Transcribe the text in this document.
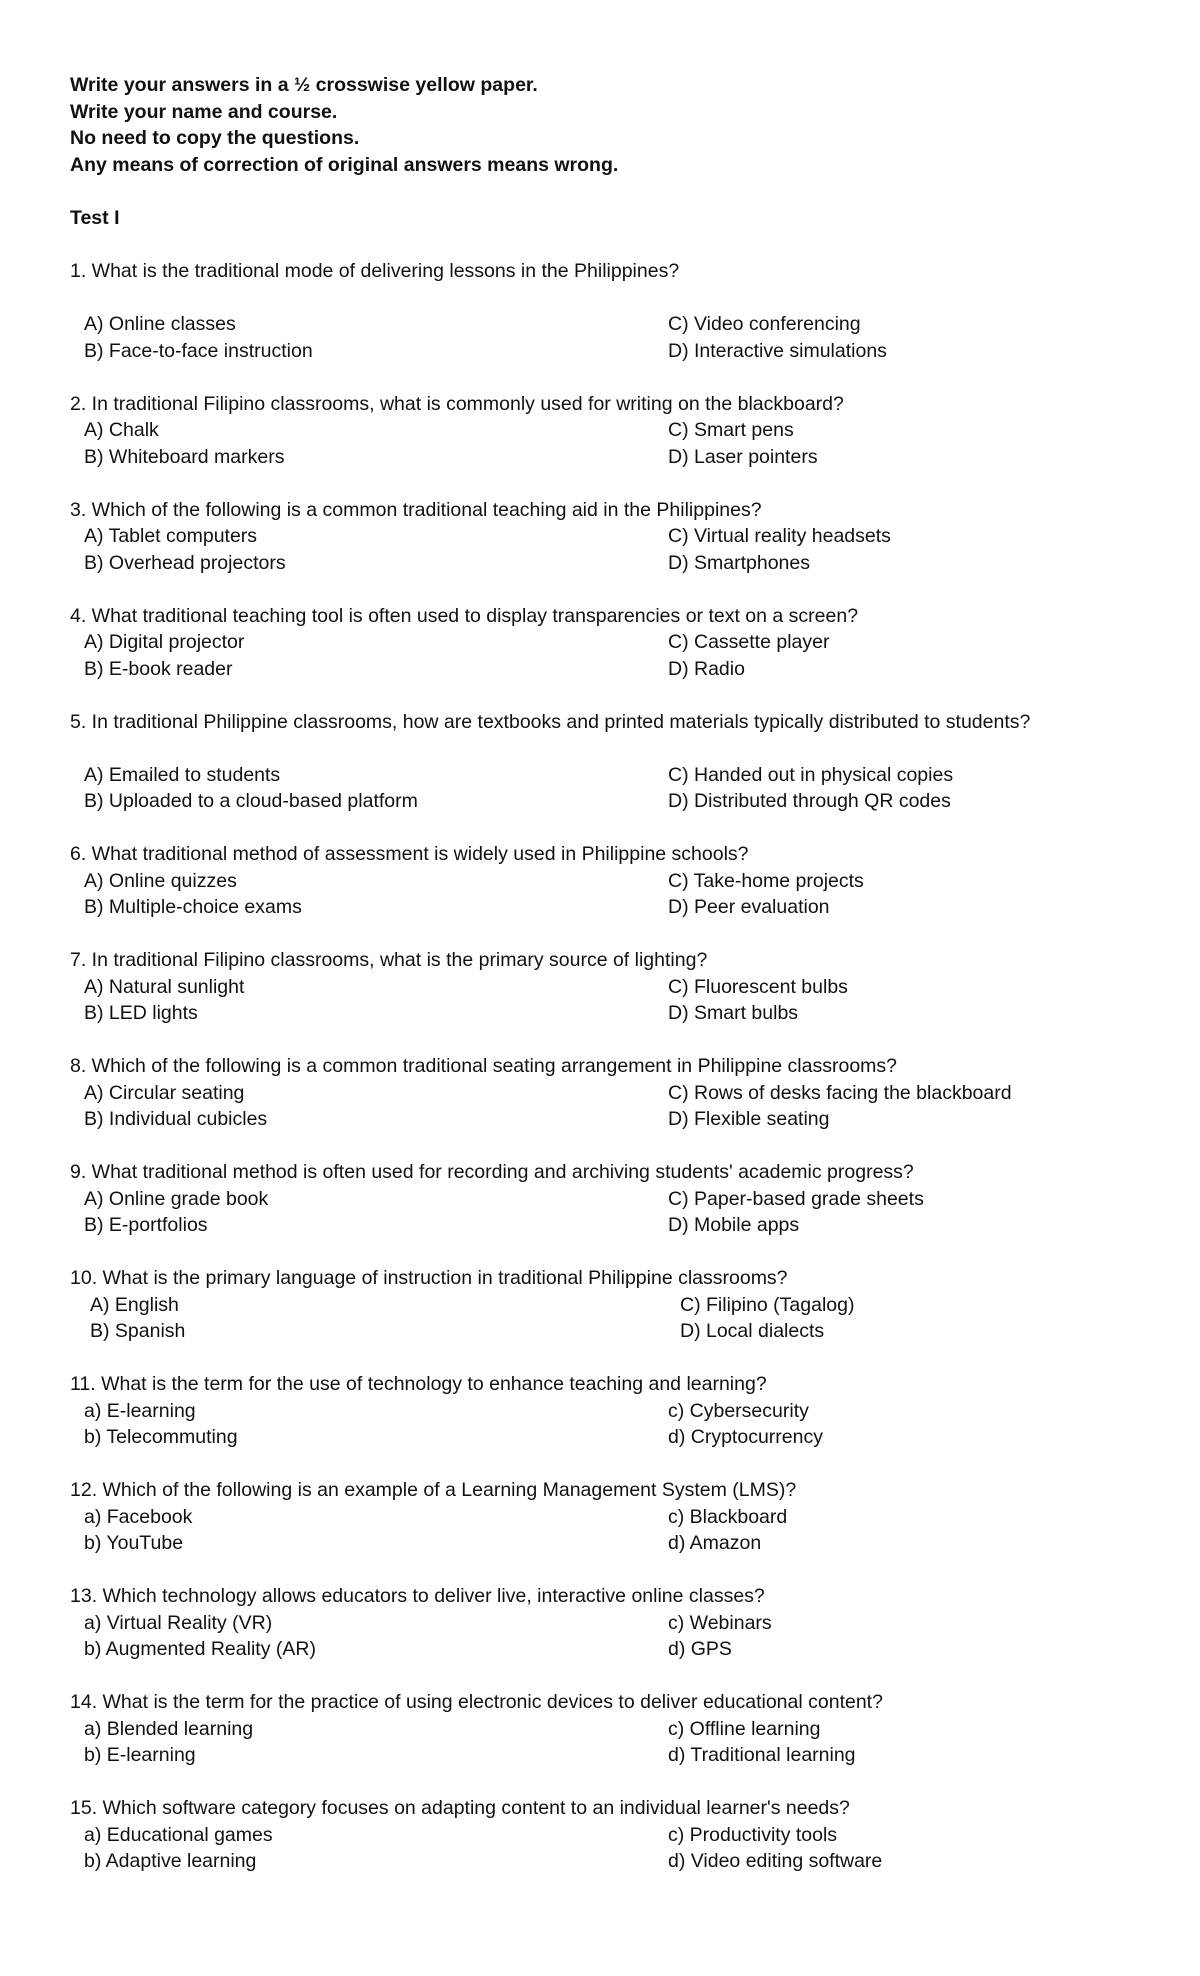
Write your answers in a ½ crosswise yellow paper.
Write your name and course.
No need to copy the questions.
Any means of correction of original answers means wrong.
Test I
1. What is the traditional mode of delivering lessons in the Philippines?
A) Online classes	C) Video conferencing
B) Face-to-face instruction	D) Interactive simulations
2. In traditional Filipino classrooms, what is commonly used for writing on the blackboard?
A) Chalk	C) Smart pens
B) Whiteboard markers	D) Laser pointers
3. Which of the following is a common traditional teaching aid in the Philippines?
A) Tablet computers	C) Virtual reality headsets
B) Overhead projectors	D) Smartphones
4. What traditional teaching tool is often used to display transparencies or text on a screen?
A) Digital projector	C) Cassette player
B) E-book reader	D) Radio
5. In traditional Philippine classrooms, how are textbooks and printed materials typically distributed to students?
A) Emailed to students	C) Handed out in physical copies
B) Uploaded to a cloud-based platform	D) Distributed through QR codes
6. What traditional method of assessment is widely used in Philippine schools?
A) Online quizzes	C) Take-home projects
B) Multiple-choice exams	D) Peer evaluation
7. In traditional Filipino classrooms, what is the primary source of lighting?
A) Natural sunlight	C) Fluorescent bulbs
B) LED lights	D) Smart bulbs
8. Which of the following is a common traditional seating arrangement in Philippine classrooms?
A) Circular seating	C) Rows of desks facing the blackboard
B) Individual cubicles	D) Flexible seating
9. What traditional method is often used for recording and archiving students' academic progress?
A) Online grade book	C) Paper-based grade sheets
B) E-portfolios	D) Mobile apps
10. What is the primary language of instruction in traditional Philippine classrooms?
A) English	C) Filipino (Tagalog)
B) Spanish	D) Local dialects
11. What is the term for the use of technology to enhance teaching and learning?
a) E-learning	c) Cybersecurity
b) Telecommuting	d) Cryptocurrency
12. Which of the following is an example of a Learning Management System (LMS)?
a) Facebook	c) Blackboard
b) YouTube	d) Amazon
13. Which technology allows educators to deliver live, interactive online classes?
a) Virtual Reality (VR)	c) Webinars
b) Augmented Reality (AR)	d) GPS
14. What is the term for the practice of using electronic devices to deliver educational content?
a) Blended learning	c) Offline learning
b) E-learning	d) Traditional learning
15. Which software category focuses on adapting content to an individual learner's needs?
a) Educational games	c) Productivity tools
b) Adaptive learning	d) Video editing software
